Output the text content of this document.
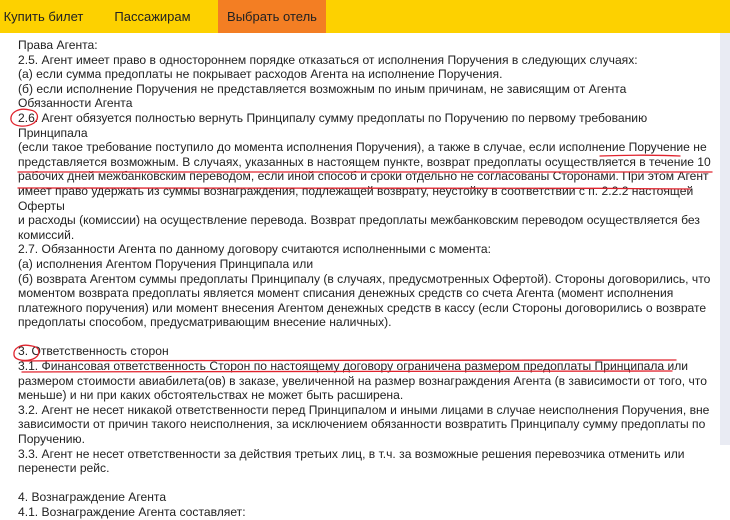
Купить билет	Пассажирам	Выбрать отель

Права Агента:

2.5. Агент имеет право в одностороннем порядке отказаться от исполнения Поручения в следующих случаях:

(а) если сумма предоплаты не покрывает расходов Агента на исполнение Поручения.

(б) если исполнение Поручения не представляется возможным по иным причинам, не зависящим от Агента

Обязанности Агента

2.6. Агент обязуется полностью вернуть Принципалу сумму предоплаты по Поручению по первому требованию Принципала

(если такое требование поступило до момента исполнения Поручения), а также в случае, если исполнение Поручение не

представляется возможным. В случаях, указанных в настоящем пункте, возврат предоплаты осуществляется в течение 10

рабочих дней межбанковским переводом, если иной способ и сроки отдельно не согласованы Сторонами. При этом Агент

имеет право удержать из суммы вознаграждения, подлежащей возврату, неустойку в соответствии с п. 2.2.2 настоящей Оферты

и расходы (комиссии) на осуществление перевода. Возврат предоплаты межбанковским переводом осуществляется без

комиссий.

2.7. Обязанности Агента по данному договору считаются исполненными с момента:

(а) исполнения Агентом Поручения Принципала или

(б) возврата Агентом суммы предоплаты Принципалу (в случаях, предусмотренных Офертой). Стороны договорились, что

моментом возврата предоплаты является момент списания денежных средств со счета Агента (момент исполнения

платежного поручения) или момент внесения Агентом денежных средств в кассу (если Стороны договорились о возврате

предоплаты способом, предусматривающим внесение наличных).

3. Ответственность сторон

3.1. Финансовая ответственность Сторон по настоящему договору ограничена размером предоплаты Принципала или

размером стоимости авиабилета(ов) в заказе, увеличенной на размер вознаграждения Агента (в зависимости от того, что

меньше) и ни при каких обстоятельствах не может быть расширена.

3.2. Агент не несет никакой ответственности перед Принципалом и иными лицами в случае неисполнения Поручения, вне

зависимости от причин такого неисполнения, за исключением обязанности возвратить Принципалу сумму предоплаты по

Поручению.

3.3. Агент не несет ответственности за действия третьих лиц, в т.ч. за возможные решения перевозчика отменить или

перенести рейс.

4. Вознаграждение Агента

4.1. Вознаграждение Агента составляет:
